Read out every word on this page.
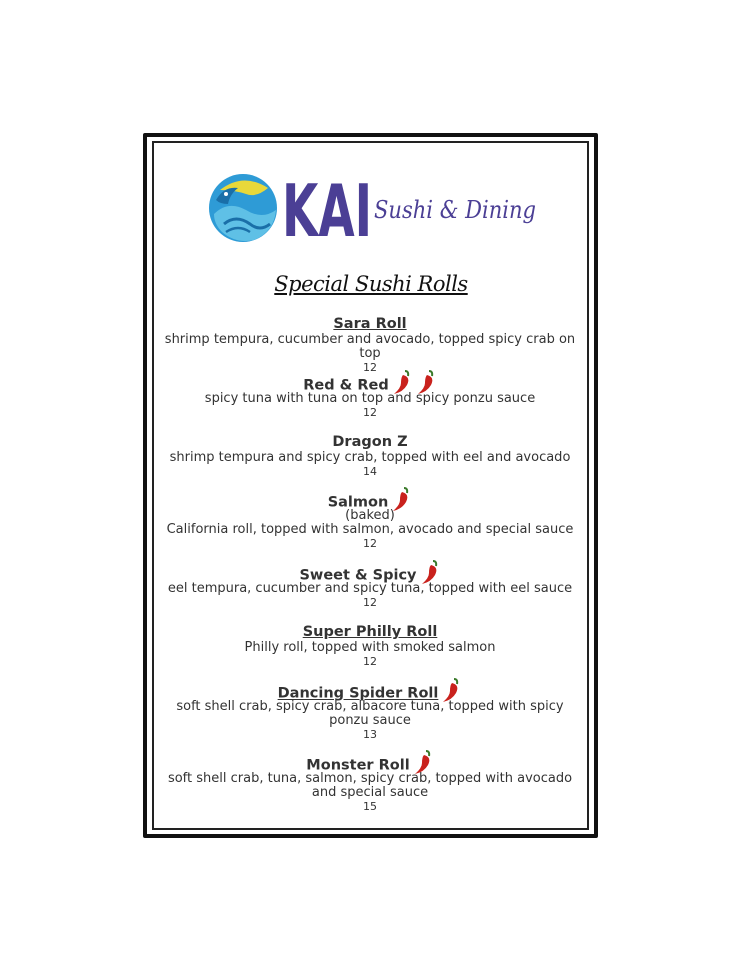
KAI Sushi & Dining
Special Sushi Rolls
Sara Roll
shrimp tempura, cucumber and avocado, topped spicy crab on top
12
Red & Red
spicy tuna with tuna on top and spicy ponzu sauce
12
Dragon Z
shrimp tempura and spicy crab, topped with eel and avocado
14
Salmon
(baked)
California roll, topped with salmon, avocado and special sauce
12
Sweet & Spicy
eel tempura, cucumber and spicy tuna, topped with eel sauce
12
Super Philly Roll
Philly roll, topped with smoked salmon
12
Dancing Spider Roll
soft shell crab, spicy crab, albacore tuna, topped with spicy ponzu sauce
13
Monster Roll
soft shell crab, tuna, salmon, spicy crab, topped with avocado and special sauce
15
